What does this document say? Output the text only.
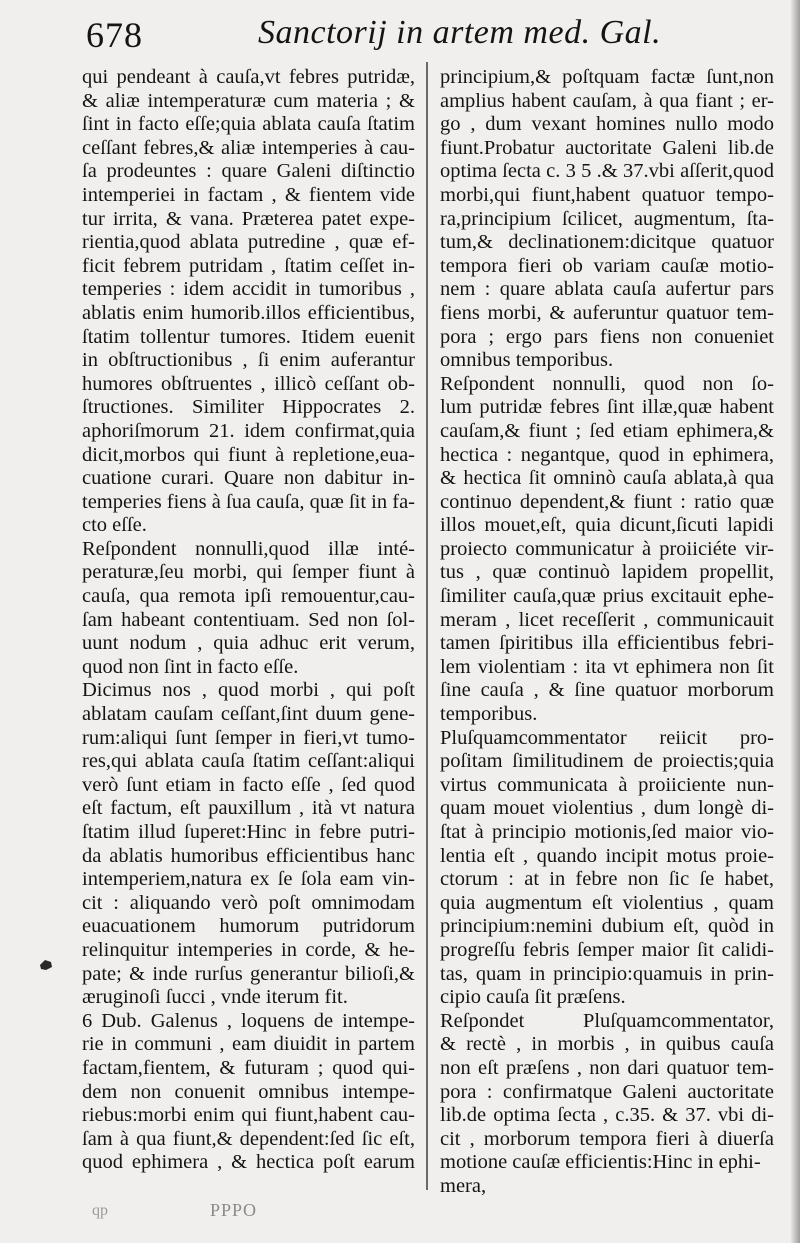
678	Sanctorij in artem med. Gal.
qui pendeant à cauſa,vt febres putridæ,
& aliæ intemperaturæ cum materia ; &
ſint in facto eſſe;quia ablata cauſa ſtatim
ceſſant febres,& aliæ intemperies à cau-
ſa prodeuntes : quare Galeni diſtinctio
intemperiei in factam , & fientem vide
tur irrita, & vana. Præterea patet expe-
rientia,quod ablata putredine , quæ ef-
ficit febrem putridam , ſtatim ceſſet in-
temperies : idem accidit in tumoribus ,
ablatis enim humorib.illos efficientibus,
ſtatim tollentur tumores. Itidem euenit
in obſtructionibus , ſi enim auferantur
humores obſtruentes , illicò ceſſant ob-
ſtructiones. Similiter Hippocrates 2.
aphoriſmorum 21. idem confirmat,quia
dicit,morbos qui fiunt à repletione,eua-
cuatione curari. Quare non dabitur in-
temperies fiens à ſua cauſa, quæ ſit in fa-
cto eſſe.
Reſpondent nonnulli,quod illæ inté-
peraturæ,ſeu morbi, qui ſemper fiunt à
cauſa, qua remota ipſi remouentur,cau-
ſam habeant contentiuam. Sed non ſol-
uunt nodum , quia adhuc erit verum,
quod non ſint in facto eſſe.
Dicimus nos , quod morbi , qui poſt
ablatam cauſam ceſſant,ſint duum gene-
rum:aliqui ſunt ſemper in fieri,vt tumo-
res,qui ablata cauſa ſtatim ceſſant:aliqui
verò ſunt etiam in facto eſſe , ſed quod
eſt factum, eſt pauxillum , ità vt natura
ſtatim illud ſuperet:Hinc in febre putri-
da ablatis humoribus efficientibus hanc
intemperiem,natura ex ſe ſola eam vin-
cit : aliquando verò poſt omnimodam
euacuationem humorum putridorum
relinquitur intemperies in corde, & he-
pate; & inde rurſus generantur bilioſi,&
æruginoſi ſucci , vnde iterum fit.
6 Dub. Galenus , loquens de intempe-
rie in communi , eam diuidit in partem
factam,fientem, & futuram ; quod qui-
dem non conuenit omnibus intempe-
riebus:morbi enim qui fiunt,habent cau-
ſam à qua fiunt,& dependent:ſed ſic eſt,
quod ephimera , & hectica poſt earum
principium,& poſtquam factæ ſunt,non
amplius habent cauſam, à qua fiant ; er-
go , dum vexant homines nullo modo
fiunt.Probatur auctoritate Galeni lib.de
optima ſecta c. 3 5 .& 37.vbi aſſerit,quod
morbi,qui fiunt,habent quatuor tempo-
ra,principium ſcilicet, augmentum, ſta-
tum,& declinationem:dicitque quatuor
tempora fieri ob variam cauſæ motio-
nem : quare ablata cauſa aufertur pars
fiens morbi, & auferuntur quatuor tem-
pora ; ergo pars fiens non conueniet
omnibus temporibus.
Reſpondent nonnulli, quod non ſo-
lum putridæ febres ſint illæ,quæ habent
cauſam,& fiunt ; ſed etiam ephimera,&
hectica : negantque, quod in ephimera,
& hectica ſit omninò cauſa ablata,à qua
continuo dependent,& fiunt : ratio quæ
illos mouet,eſt, quia dicunt,ſicuti lapidi
proiecto communicatur à proiiciéte vir-
tus , quæ continuò lapidem propellit,
ſimiliter cauſa,quæ prius excitauit ephe-
meram , licet receſſerit , communicauit
tamen ſpiritibus illa efficientibus febri-
lem violentiam : ita vt ephimera non ſit
ſine cauſa , & ſine quatuor morborum
temporibus.
Pluſquamcommentator reiicit pro-
poſitam ſimilitudinem de proiectis;quia
virtus communicata à proiiciente nun-
quam mouet violentius , dum longè di-
ſtat à principio motionis,ſed maior vio-
lentia eſt , quando incipit motus proie-
ctorum : at in febre non ſic ſe habet,
quia augmentum eſt violentius , quam
principium:nemini dubium eſt, quòd in
progreſſu febris ſemper maior ſit calidi-
tas, quam in principio:quamuis in prin-
cipio cauſa ſit præſens.
Reſpondet Pluſquamcommentator,
& rectè , in morbis , in quibus cauſa
non eſt præſens , non dari quatuor tem-
pora : confirmatque Galeni auctoritate
lib.de optima ſecta , c.35. & 37. vbi di-
cit , morborum tempora fieri à diuerſa
motione cauſæ efficientis:Hinc in ephi-
mera,
qp	PPPO
